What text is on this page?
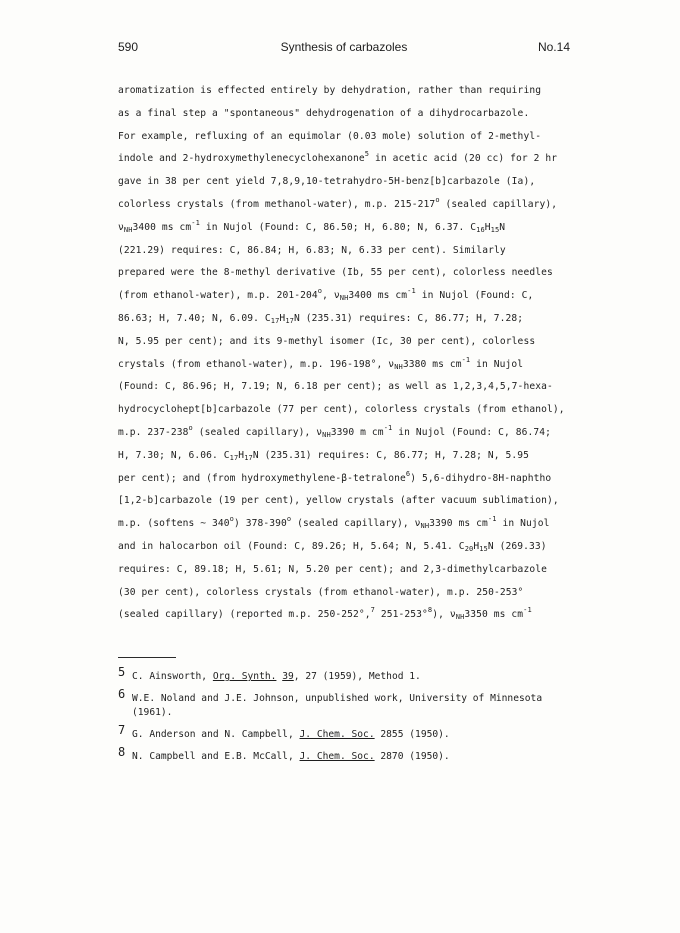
590	Synthesis of carbazoles	No.14
aromatization is effected entirely by dehydration, rather than requiring
as a final step a "spontaneous" dehydrogenation of a dihydrocarbazole.
For example, refluxing of an equimolar (0.03 mole) solution of 2-methyl-
indole and 2-hydroxymethylenecyclohexanone$^5$ in acetic acid (20 cc) for 2 hr
gave in 38 per cent yield 7,8,9,10-tetrahydro-5H-benz[b]carbazole (Ia),
colorless crystals (from methanol-water), m.p. 215-217$^o$ (sealed capillary),
$\nu_{NH}3400$ ms $cm^{-1}$ in Nujol (Found: C, 86.50; H, 6.80; N, 6.37. $C_{16}H_{15}N$
(221.29) requires: C, 86.84; H, 6.83; N, 6.33 per cent). Similarly
prepared were the 8-methyl derivative (Ib, 55 per cent), colorless needles
(from ethanol-water), m.p. 201-204$^o$, $\nu_{NH}3400$ ms $cm^{-1}$ in Nujol (Found: C,
86.63; H, 7.40; N, 6.09. $C_{17}H_{17}N$ (235.31) requires: C, 86.77; H, 7.28;
N, 5.95 per cent); and its 9-methyl isomer (Ic, 30 per cent), colorless
crystals (from ethanol-water), m.p. 196-198°, $\nu_{NH}3380$ ms $cm^{-1}$ in Nujol
(Found: C, 86.96; H, 7.19; N, 6.18 per cent); as well as 1,2,3,4,5,7-hexa-
hydrocyclohept[b]carbazole (77 per cent), colorless crystals (from ethanol),
m.p. 237-238$^o$ (sealed capillary), $\nu_{NH}3390$ m $cm^{-1}$ in Nujol (Found: C, 86.74;
H, 7.30; N, 6.06. $C_{17}H_{17}N$ (235.31) requires: C, 86.77; H, 7.28; N, 5.95
per cent); and (from hydroxymethylene-β-tetralone$^6$) 5,6-dihydro-8H-naphtho
[1,2-b]carbazole (19 per cent), yellow crystals (after vacuum sublimation),
m.p. (softens ~ 340$^o$) 378-390$^o$ (sealed capillary), $\nu_{NH}3390$ ms $cm^{-1}$ in Nujol
and in halocarbon oil (Found: C, 89.26; H, 5.64; N, 5.41. $C_{20}H_{15}N$ (269.33)
requires: C, 89.18; H, 5.61; N, 5.20 per cent); and 2,3-dimethylcarbazole
(30 per cent), colorless crystals (from ethanol-water), m.p. 250-253°
(sealed capillary) (reported m.p. 250-252°,$^7$ 251-253°$^8$), $\nu_{NH}3350$ ms $cm^{-1}$
5 C. Ainsworth, Org. Synth. 39, 27 (1959), Method 1.
6 W.E. Noland and J.E. Johnson, unpublished work, University of Minnesota (1961).
7 G. Anderson and N. Campbell, J. Chem. Soc. 2855 (1950).
8 N. Campbell and E.B. McCall, J. Chem. Soc. 2870 (1950).
